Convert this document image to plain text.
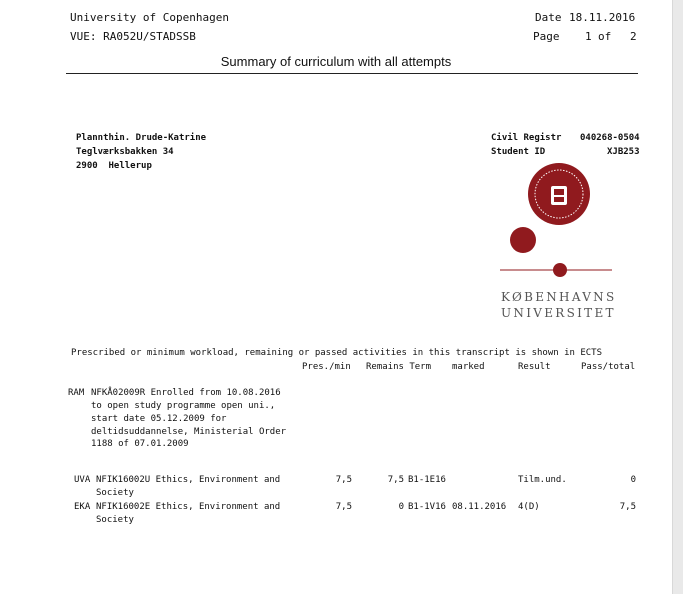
University of Copenhagen
VUE: RA052U/STADSSB
Date 18.11.2016
Page 1 of 2
Summary of curriculum with all attempts
Plannthin. Drude-Katrine
Teglværksbakken 34
2900  Hellerup
Civil Registr 040268-0504
Student ID	XJB253
KØBENHAVNS
UNIVERSITET
Prescribed or minimum workload, remaining or passed activities in this transcript is shown in ECTS
Pres./min Remains Term marked	Result	Pass/total
RAM NFKÅ02009R Enrolled from 10.08.2016
to open study programme open uni.,
start date 05.12.2009 for
deltidsuddannelse, Ministerial Order
1188 of 07.01.2009
UVA NFIK16002U Ethics, Environment and
Society
7,5	7,5 B1-1E16	Tilm.und.	0
EKA NFIK16002E Ethics, Environment and
Society
7,5	0 B1-1V16 08.11.2016 4(D)	7,5
